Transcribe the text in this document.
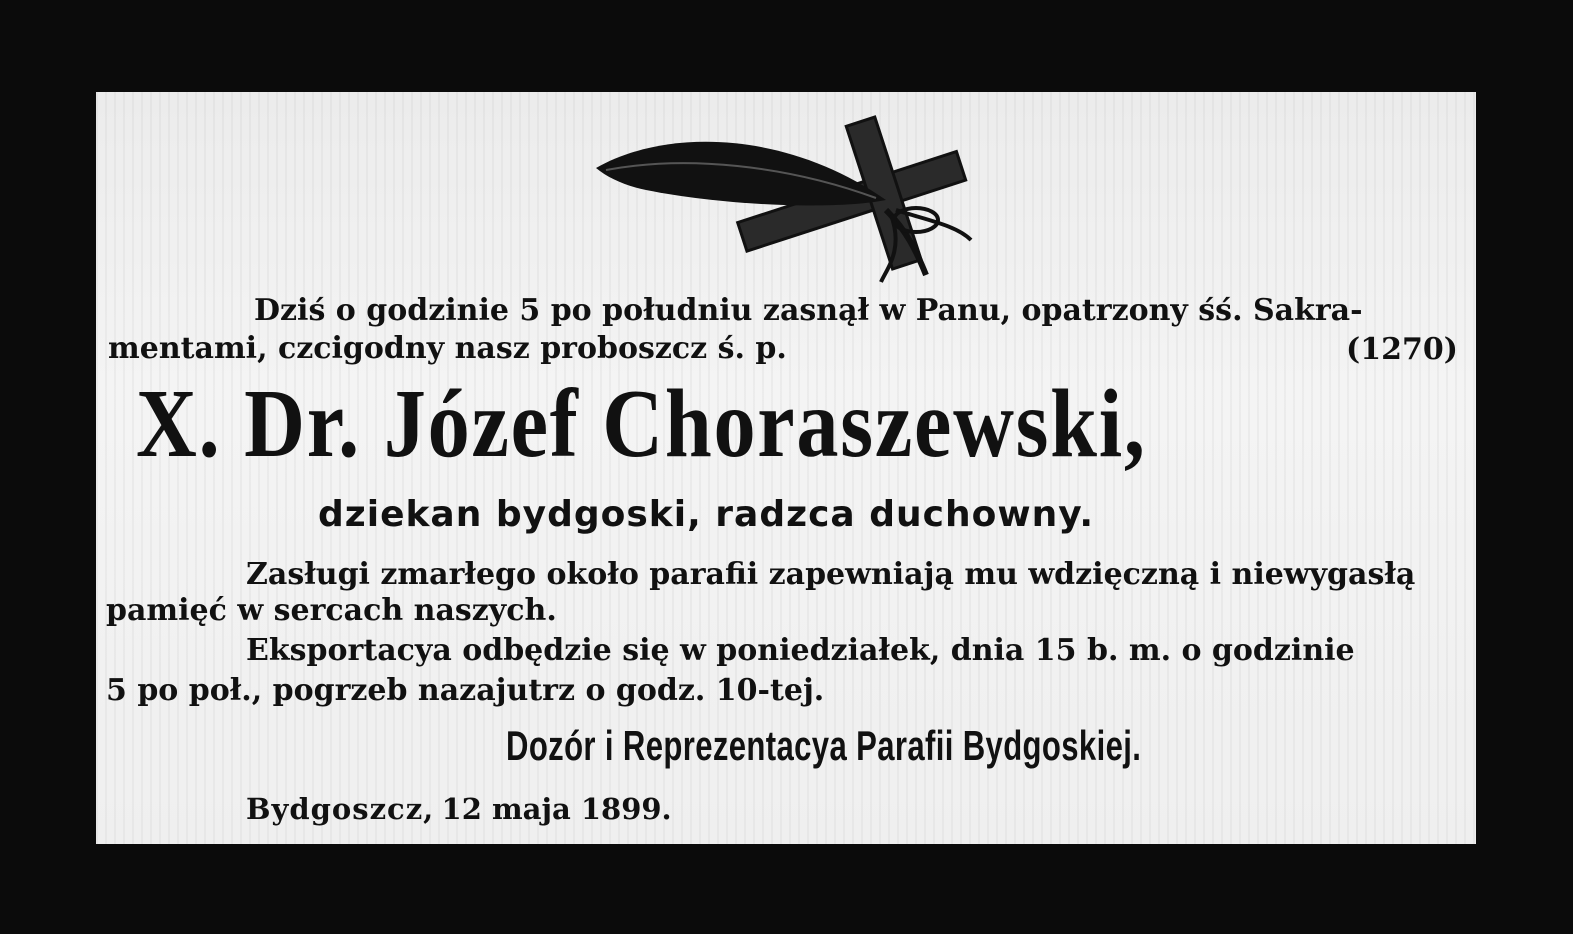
Dziś o godzinie 5 po południu zasnął w Panu, opatrzony śś. Sakra-
mentami, czcigodny nasz proboszcz ś. p.	(1270)
X. Dr. Józef Choraszewski,
dziekan bydgoski, radzca duchowny.
Zasługi zmarłego około parafii zapewniają mu wdzięczną i niewygasłą
pamięć w sercach naszych.
Eksportacya odbędzie się w poniedziałek, dnia 15 b. m. o godzinie
5 po poł., pogrzeb nazajutrz o godz. 10-tej.
Dozór i Reprezentacya Parafii Bydgoskiej.
Bydgoszcz, 12 maja 1899.
